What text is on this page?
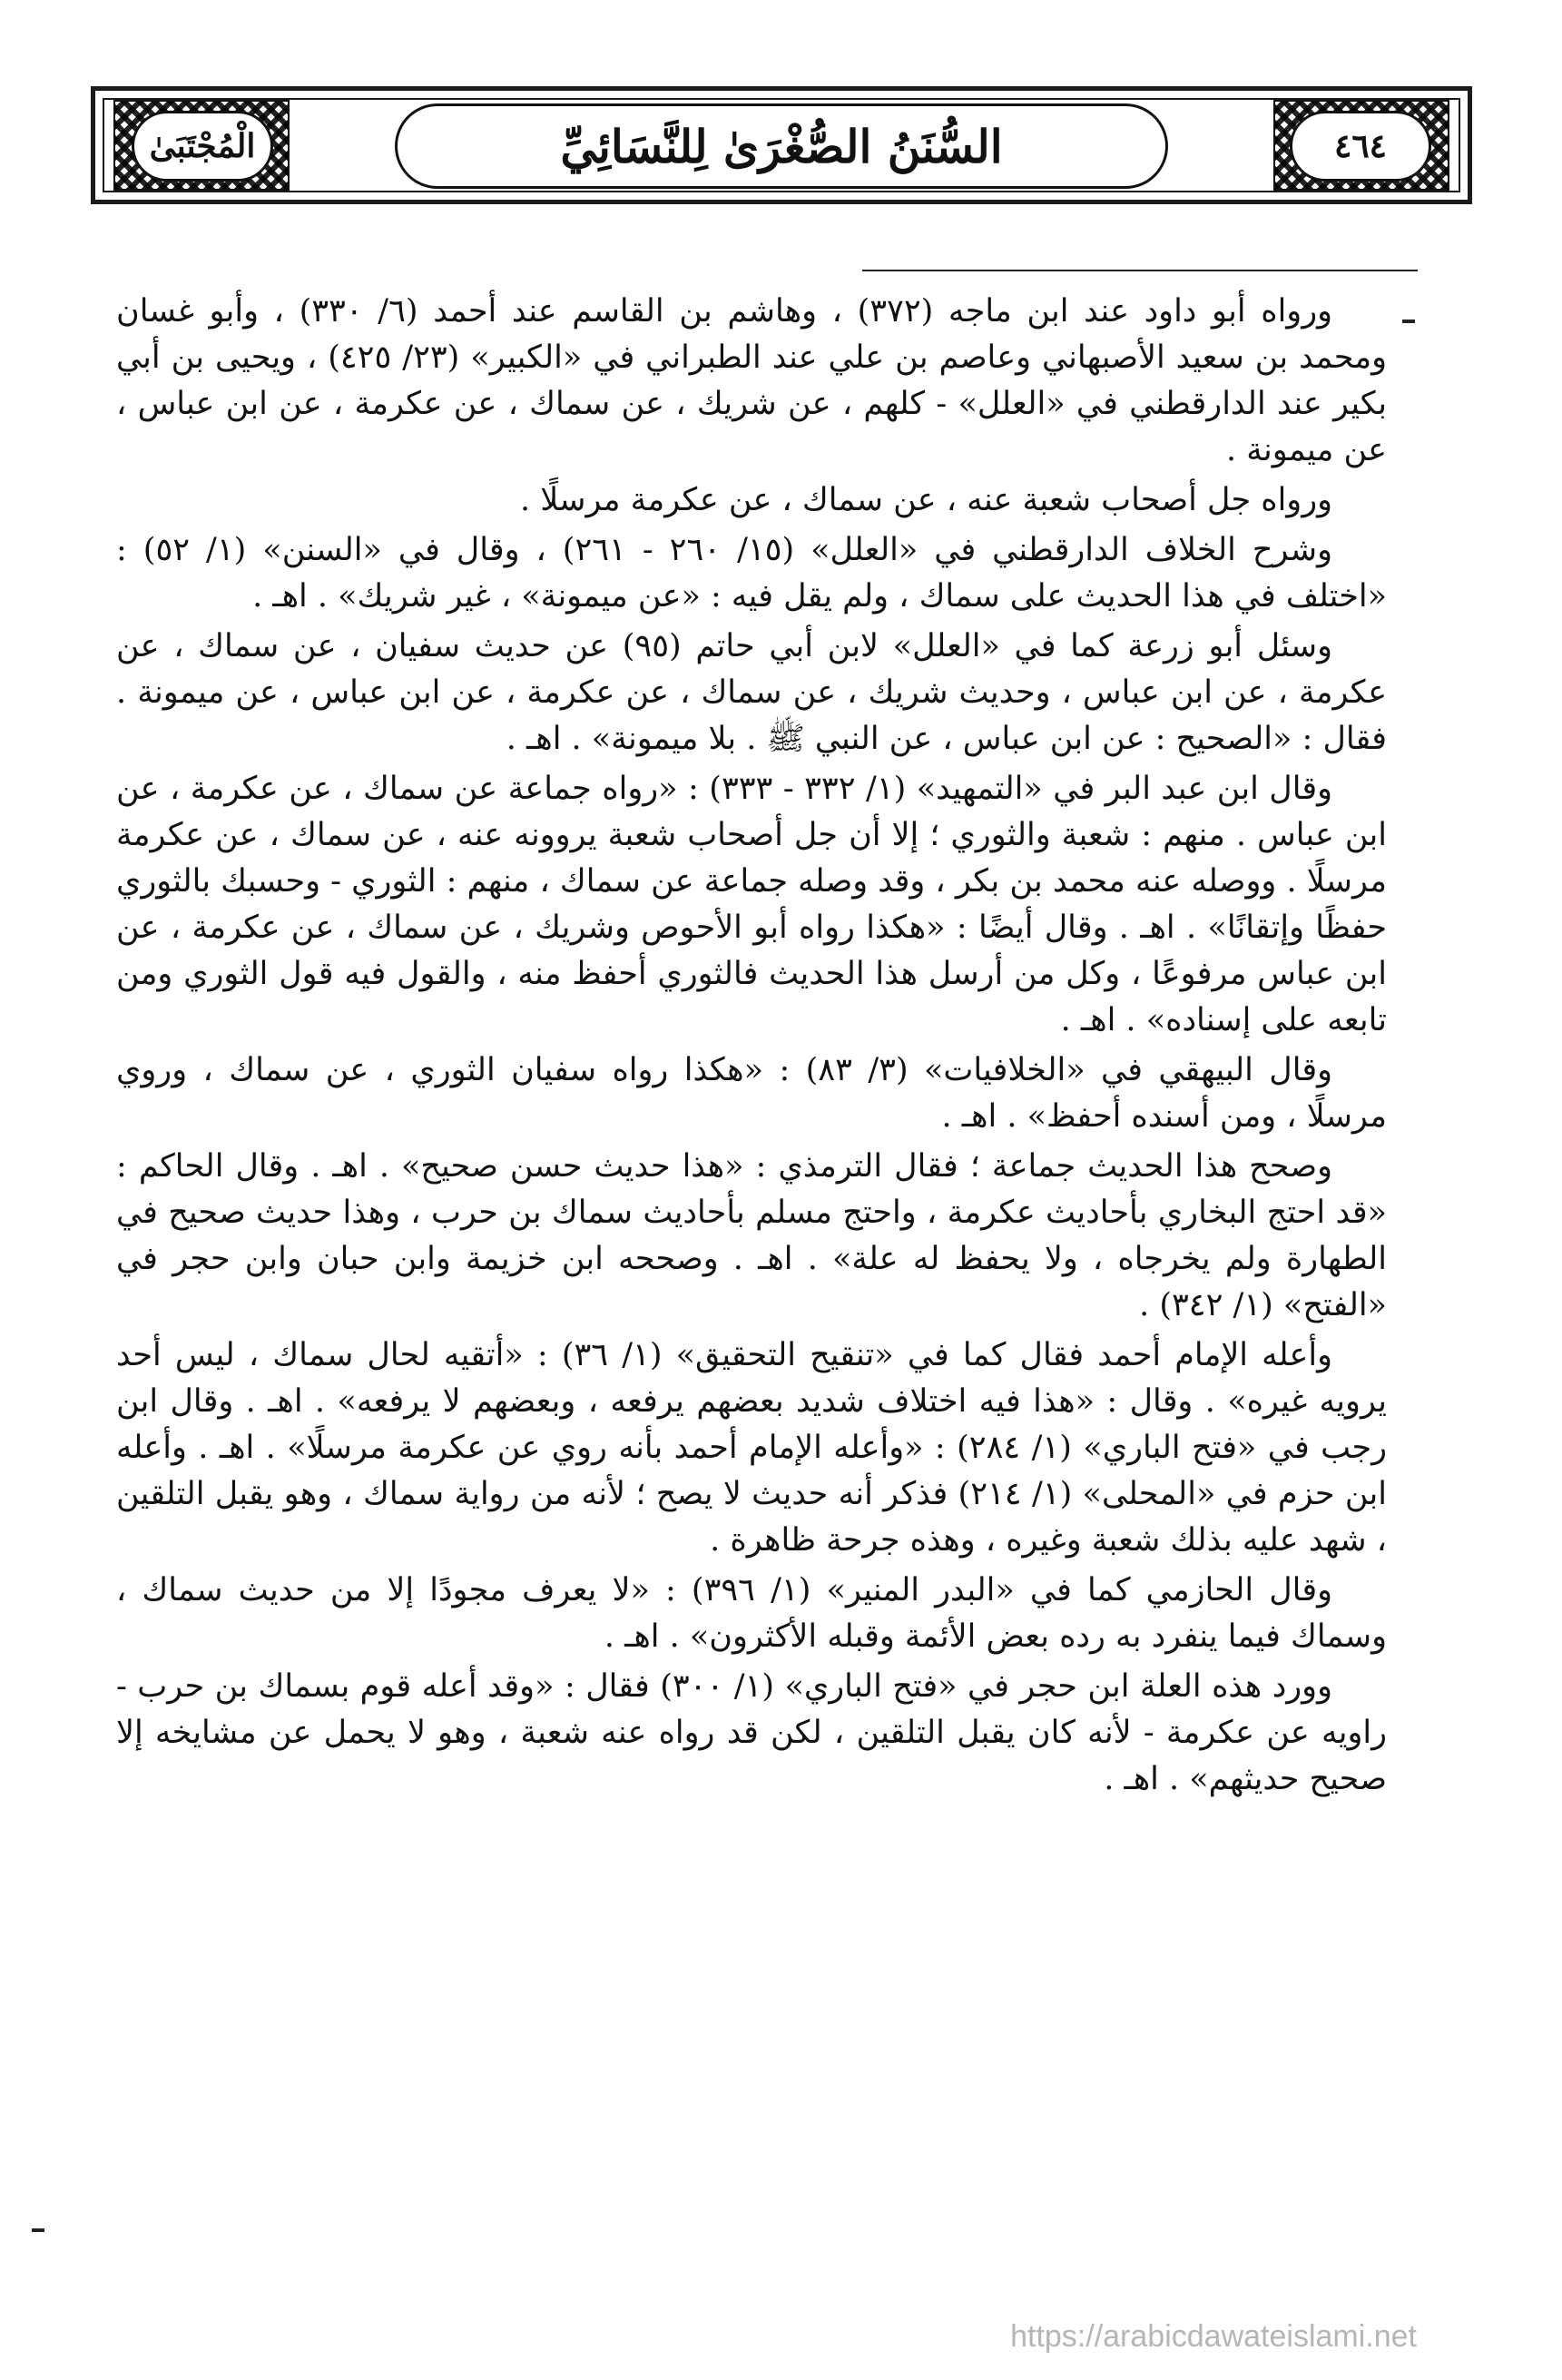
الْمُجْتَبَىٰ	٤٦٤
السُّنَنُ الصُّغْرَىٰ لِلنَّسَائِيِّ

ورواه أبو داود عند ابن ماجه (٣٧٢) ، وهاشم بن القاسم عند أحمد (٦/ ٣٣٠) ، وأبو غسان ومحمد بن سعيد الأصبهاني وعاصم بن علي عند الطبراني في «الكبير» (٢٣/ ٤٢٥) ، ويحيى بن أبي بكير عند الدارقطني في «العلل» - كلهم ، عن شريك ، عن سماك ، عن عكرمة ، عن ابن عباس ، عن ميمونة .

ورواه جل أصحاب شعبة عنه ، عن سماك ، عن عكرمة مرسلًا .

وشرح الخلاف الدارقطني في «العلل» (١٥/ ٢٦٠ - ٢٦١) ، وقال في «السنن» (١/ ٥٢) : «اختلف في هذا الحديث على سماك ، ولم يقل فيه : «عن ميمونة» ، غير شريك» . اهـ .

وسئل أبو زرعة كما في «العلل» لابن أبي حاتم (٩٥) عن حديث سفيان ، عن سماك ، عن عكرمة ، عن ابن عباس ، وحديث شريك ، عن سماك ، عن عكرمة ، عن ابن عباس ، عن ميمونة . فقال : «الصحيح : عن ابن عباس ، عن النبي ﷺ . بلا ميمونة» . اهـ .

وقال ابن عبد البر في «التمهيد» (١/ ٣٣٢ - ٣٣٣) : «رواه جماعة عن سماك ، عن عكرمة ، عن ابن عباس . منهم : شعبة والثوري ؛ إلا أن جل أصحاب شعبة يروونه عنه ، عن سماك ، عن عكرمة مرسلًا . ووصله عنه محمد بن بكر ، وقد وصله جماعة عن سماك ، منهم : الثوري - وحسبك بالثوري حفظًا وإتقانًا» . اهـ . وقال أيضًا : «هكذا رواه أبو الأحوص وشريك ، عن سماك ، عن عكرمة ، عن ابن عباس مرفوعًا ، وكل من أرسل هذا الحديث فالثوري أحفظ منه ، والقول فيه قول الثوري ومن تابعه على إسناده» . اهـ .

وقال البيهقي في «الخلافيات» (٣/ ٨٣) : «هكذا رواه سفيان الثوري ، عن سماك ، وروي مرسلًا ، ومن أسنده أحفظ» . اهـ .

وصحح هذا الحديث جماعة ؛ فقال الترمذي : «هذا حديث حسن صحيح» . اهـ . وقال الحاكم : «قد احتج البخاري بأحاديث عكرمة ، واحتج مسلم بأحاديث سماك بن حرب ، وهذا حديث صحيح في الطهارة ولم يخرجاه ، ولا يحفظ له علة» . اهـ . وصححه ابن خزيمة وابن حبان وابن حجر في «الفتح» (١/ ٣٤٢) .

وأعله الإمام أحمد فقال كما في «تنقيح التحقيق» (١/ ٣٦) : «أتقيه لحال سماك ، ليس أحد يرويه غيره» . وقال : «هذا فيه اختلاف شديد بعضهم يرفعه ، وبعضهم لا يرفعه» . اهـ . وقال ابن رجب في «فتح الباري» (١/ ٢٨٤) : «وأعله الإمام أحمد بأنه روي عن عكرمة مرسلًا» . اهـ . وأعله ابن حزم في «المحلى» (١/ ٢١٤) فذكر أنه حديث لا يصح ؛ لأنه من رواية سماك ، وهو يقبل التلقين ، شهد عليه بذلك شعبة وغيره ، وهذه جرحة ظاهرة .

وقال الحازمي كما في «البدر المنير» (١/ ٣٩٦) : «لا يعرف مجودًا إلا من حديث سماك ، وسماك فيما ينفرد به رده بعض الأئمة وقبله الأكثرون» . اهـ .

وورد هذه العلة ابن حجر في «فتح الباري» (١/ ٣٠٠) فقال : «وقد أعله قوم بسماك بن حرب - راويه عن عكرمة - لأنه كان يقبل التلقين ، لكن قد رواه عنه شعبة ، وهو لا يحمل عن مشايخه إلا صحيح حديثهم» . اهـ .

https://arabicdawateislami.net
